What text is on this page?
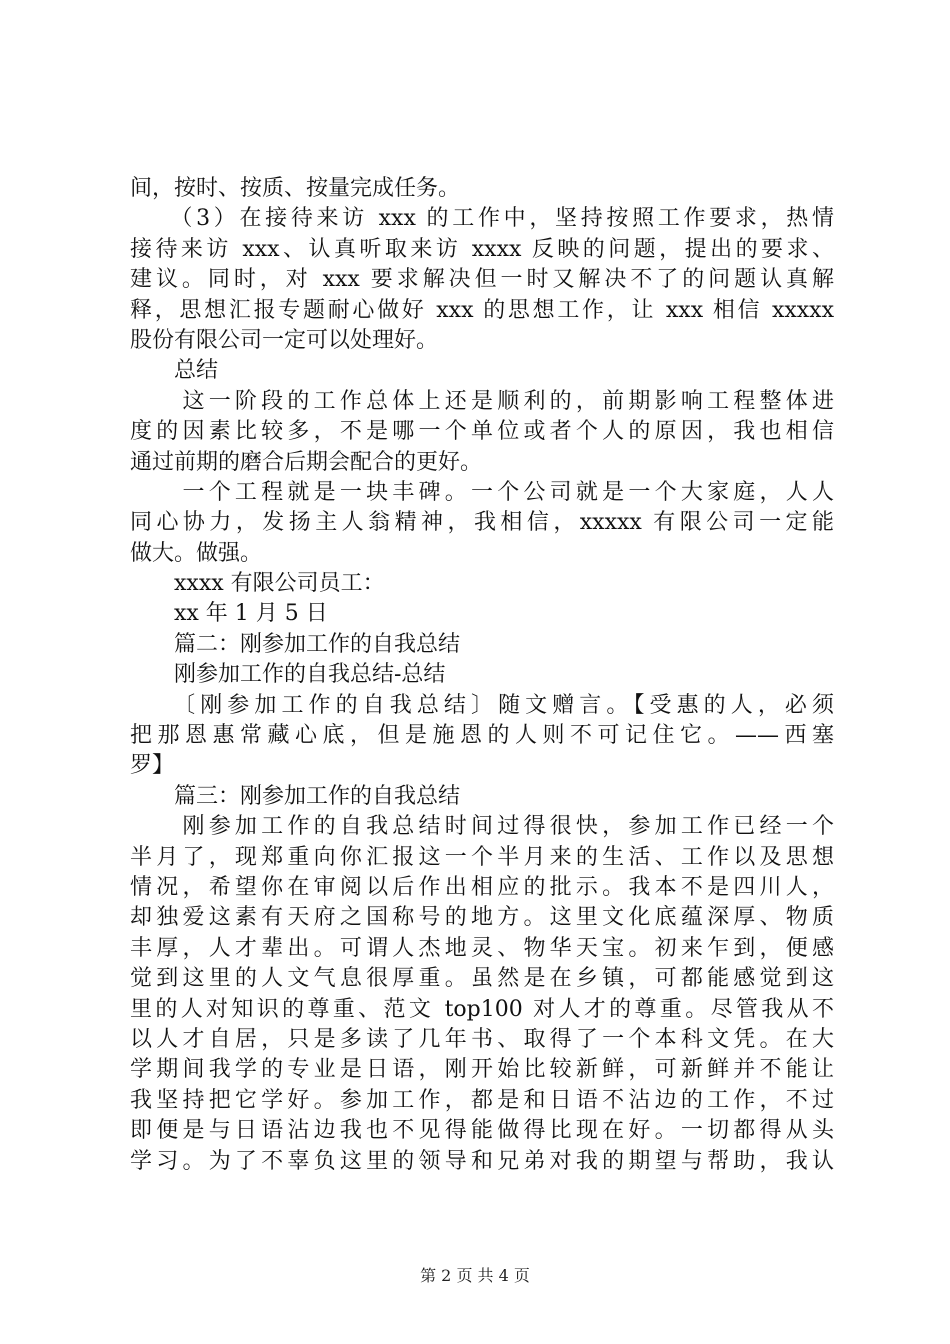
间，按时、按质、按量完成任务。
　　（3）在接待来访 xxx 的工作中，坚持按照工作要求，热情
接待来访 xxx、认真听取来访 xxxx 反映的问题，提出的要求、
建议。同时，对 xxx 要求解决但一时又解决不了的问题认真解
释，思想汇报专题耐心做好 xxx 的思想工作，让 xxx 相信 xxxxx
股份有限公司一定可以处理好。
　　总结
　　这一阶段的工作总体上还是顺利的，前期影响工程整体进
度的因素比较多，不是哪一个单位或者个人的原因，我也相信
通过前期的磨合后期会配合的更好。
　　一个工程就是一块丰碑。一个公司就是一个大家庭，人人
同心协力，发扬主人翁精神，我相信，xxxxx 有限公司一定能
做大。做强。
　　xxxx 有限公司员工：
　　xx 年 1 月 5 日
　　篇二：刚参加工作的自我总结
　　刚参加工作的自我总结-总结
　　〔刚参加工作的自我总结〕随文赠言。【受惠的人，必须
把那恩惠常藏心底，但是施恩的人则不可记住它。——西塞
罗】
　　篇三：刚参加工作的自我总结
　　刚参加工作的自我总结时间过得很快，参加工作已经一个
半月了，现郑重向你汇报这一个半月来的生活、工作以及思想
情况，希望你在审阅以后作出相应的批示。我本不是四川人，
却独爱这素有天府之国称号的地方。这里文化底蕴深厚、物质
丰厚，人才辈出。可谓人杰地灵、物华天宝。初来乍到，便感
觉到这里的人文气息很厚重。虽然是在乡镇，可都能感觉到这
里的人对知识的尊重、范文 top100 对人才的尊重。尽管我从不
以人才自居，只是多读了几年书、取得了一个本科文凭。在大
学期间我学的专业是日语，刚开始比较新鲜，可新鲜并不能让
我坚持把它学好。参加工作，都是和日语不沾边的工作，不过
即便是与日语沾边我也不见得能做得比现在好。一切都得从头
学习。为了不辜负这里的领导和兄弟对我的期望与帮助，我认
第 2 页 共 4 页
